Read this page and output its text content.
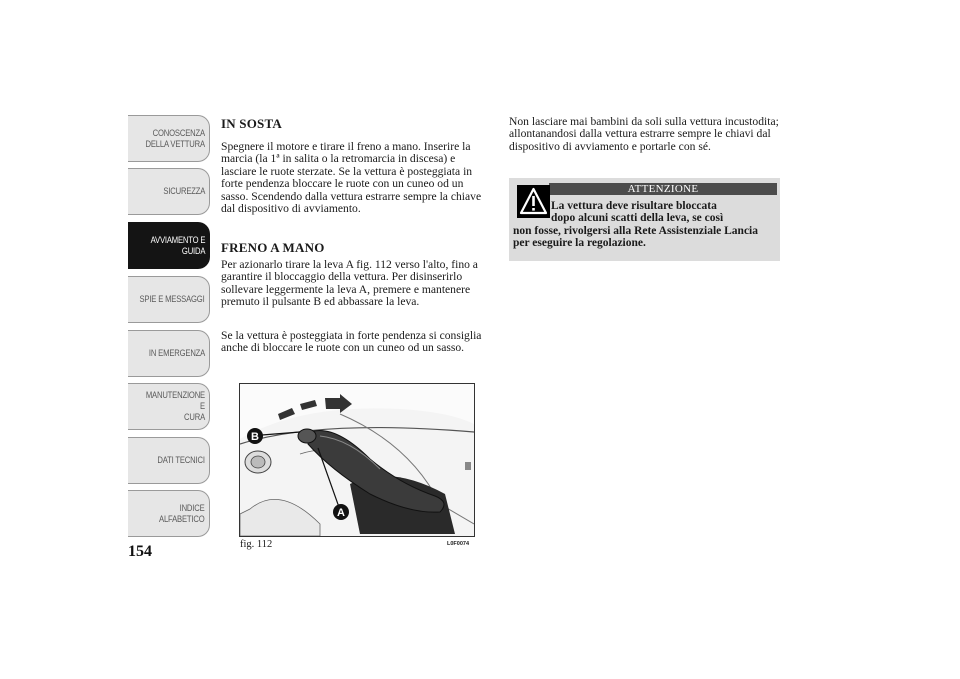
CONOSCENZA
DELLA VETTURA
SICUREZZA
AVVIAMENTO E
GUIDA
SPIE E MESSAGGI
IN EMERGENZA
MANUTENZIONE E
CURA
DATI TECNICI
INDICE
ALFABETICO
154
IN SOSTA

Spegnere il motore e tirare il freno a mano. Inserire la marcia (la 1ª in salita o la retromarcia in discesa) e lasciare le ruote sterzate. Se la vettura è posteggiata in forte pendenza bloccare le ruote con un cuneo od un sasso. Scendendo dalla vettura estrarre sempre la chiave dal dispositivo di avviamento.

FRENO A MANO

Per azionarlo tirare la leva A fig. 112 verso l'alto, fino a garantire il bloccaggio della vettura. Per disinserirlo sollevare leggermente la leva A, premere e mantenere premuto il pulsante B ed abbassare la leva.

Se la vettura è posteggiata in forte pendenza si consiglia anche di bloccare le ruote con un cuneo od un sasso.

B
A
fig. 112	L0F0074

Non lasciare mai bambini da soli sulla vettura incustodita; allontanandosi dalla vettura estrarre sempre le chiavi dal dispositivo di avviamento e portarle con sé.

ATTENZIONE
La vettura deve risultare bloccata
dopo alcuni scatti della leva, se così
non fosse, rivolgersi alla Rete Assistenziale Lancia per eseguire la regolazione.
